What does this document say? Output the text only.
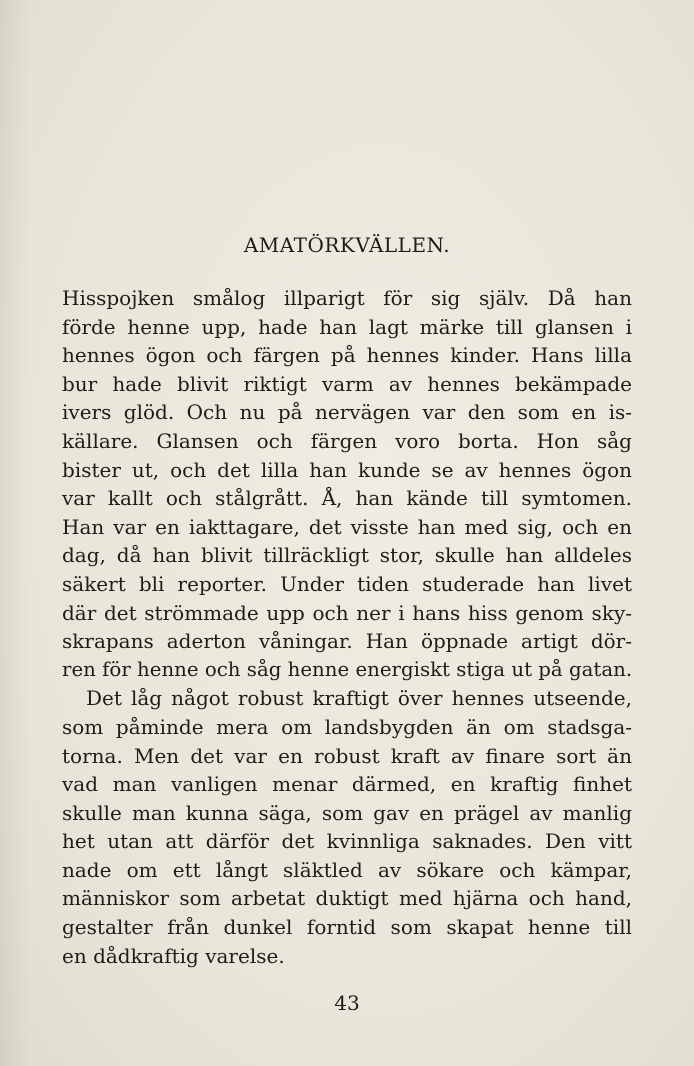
AMATÖRKVÄLLEN.
Hisspojken smålog illparigt för sig själv. Då han
förde henne upp, hade han lagt märke till glansen i
hennes ögon och färgen på hennes kinder. Hans lilla
bur hade blivit riktigt varm av hennes bekämpade
ivers glöd. Och nu på nervägen var den som en is-
källare. Glansen och färgen voro borta. Hon såg
bister ut, och det lilla han kunde se av hennes ögon
var kallt och stålgrått. Å, han kände till symtomen.
Han var en iakttagare, det visste han med sig, och en
dag, då han blivit tillräckligt stor, skulle han alldeles
säkert bli reporter. Under tiden studerade han livet
där det strömmade upp och ner i hans hiss genom sky-
skrapans aderton våningar. Han öppnade artigt dör-
ren för henne och såg henne energiskt stiga ut på gatan.
Det låg något robust kraftigt över hennes utseende,
som påminde mera om landsbygden än om stadsga-
torna. Men det var en robust kraft av finare sort än
vad man vanligen menar därmed, en kraftig finhet
skulle man kunna säga, som gav en prägel av manlig
het utan att därför det kvinnliga saknades. Den vitt
nade om ett långt släktled av sökare och kämpar,
människor som arbetat duktigt med hjärna och hand,
gestalter från dunkel forntid som skapat henne till
en dådkraftig varelse.
43
